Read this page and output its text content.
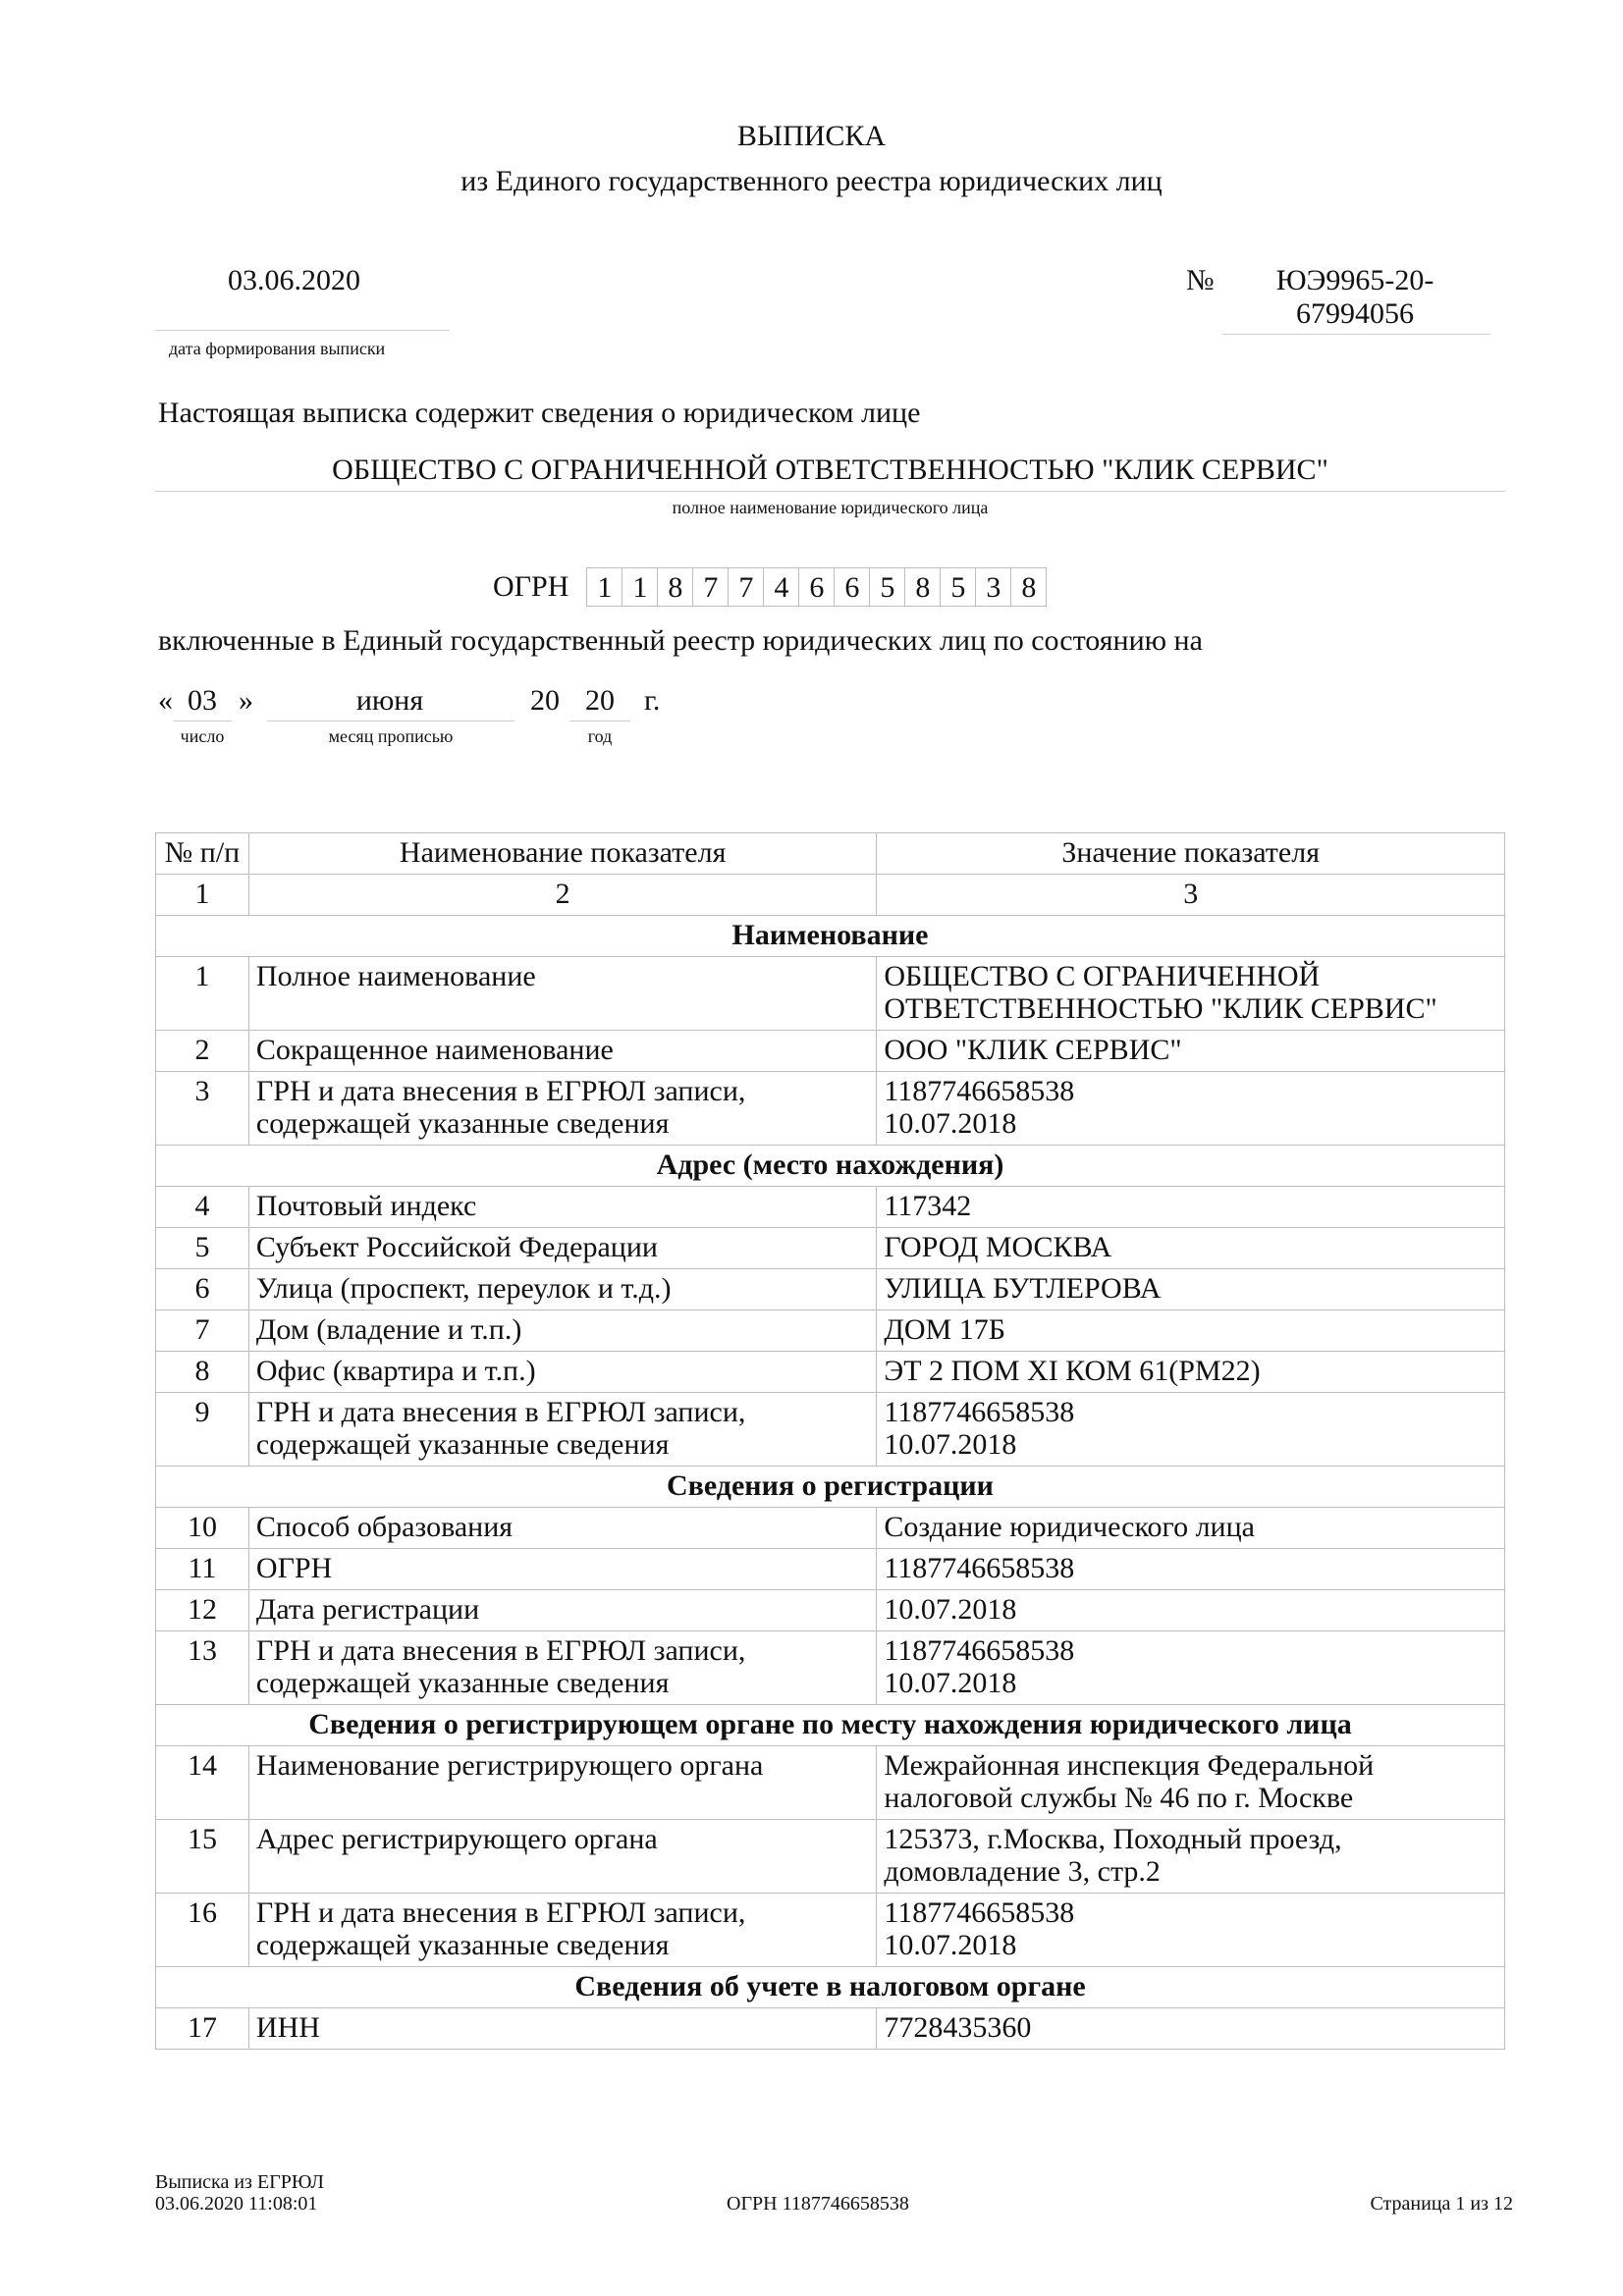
ВЫПИСКА
из Единого государственного реестра юридических лиц
03.06.2020
дата формирования выписки
№	ЮЭ9965-20-
67994056
Настоящая выписка содержит сведения о юридическом лице
ОБЩЕСТВО С ОГРАНИЧЕННОЙ ОТВЕТСТВЕННОСТЬЮ "КЛИК СЕРВИС"
полное наименование юридического лица
ОГРН 1 1 8 7 7 4 6 6 5 8 5 3 8
включенные в Единый государственный реестр юридических лиц по состоянию на
« 03 »	июня	20 20	г.
число	месяц прописью	год
№ п/п	Наименование показателя	Значение показателя
1	2	3
Наименование		
1	Полное наименование	ОБЩЕСТВО С ОГРАНИЧЕННОЙ ОТВЕТСТВЕННОСТЬЮ "КЛИК СЕРВИС"
2	Сокращенное наименование	ООО "КЛИК СЕРВИС"
3	ГРН и дата внесения в ЕГРЮЛ записи, содержащей указанные сведения	1187746658538
10.07.2018
Адрес (место нахождения)		
4	Почтовый индекс	117342
5	Субъект Российской Федерации	ГОРОД МОСКВА
6	Улица (проспект, переулок и т.д.)	УЛИЦА БУТЛЕРОВА
7	Дом (владение и т.п.)	ДОМ 17Б
8	Офис (квартира и т.п.)	ЭТ 2 ПОМ XI КОМ 61(РМ22)
9	ГРН и дата внесения в ЕГРЮЛ записи, содержащей указанные сведения	1187746658538
10.07.2018
Сведения о регистрации		
10	Способ образования	Создание юридического лица
11	ОГРН	1187746658538
12	Дата регистрации	10.07.2018
13	ГРН и дата внесения в ЕГРЮЛ записи, содержащей указанные сведения	1187746658538
10.07.2018
Сведения о регистрирующем органе по месту нахождения юридического лица		
14	Наименование регистрирующего органа	Межрайонная инспекция Федеральной налоговой службы № 46 по г. Москве
15	Адрес регистрирующего органа	125373, г.Москва, Походный проезд, домовладение 3, стр.2
16	ГРН и дата внесения в ЕГРЮЛ записи, содержащей указанные сведения	1187746658538
10.07.2018
Сведения об учете в налоговом органе		
17	ИНН	7728435360
Выписка из ЕГРЮЛ
03.06.2020 11:08:01	ОГРН 1187746658538	Страница 1 из 12
